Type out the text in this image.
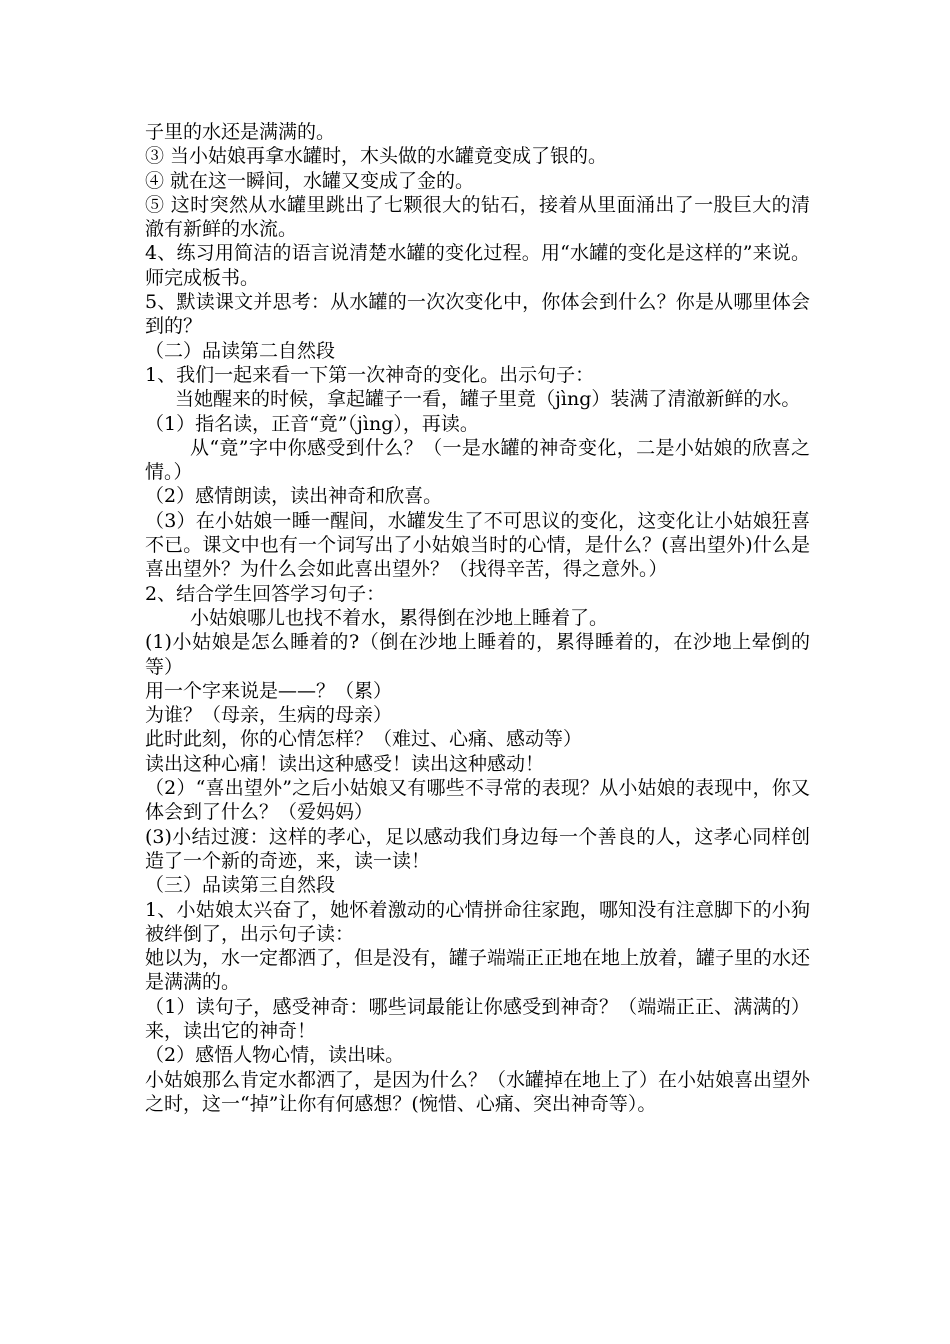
子里的水还是满满的。

③ 当小姑娘再拿水罐时，木头做的水罐竟变成了银的。

④ 就在这一瞬间，水罐又变成了金的。

⑤ 这时突然从水罐里跳出了七颗很大的钻石，接着从里面涌出了一股巨大的清澈有新鲜的水流。

4、练习用简洁的语言说清楚水罐的变化过程。用“水罐的变化是这样的”来说。师完成板书。

5、默读课文并思考：从水罐的一次次变化中，你体会到什么？你是从哪里体会到的？

（二）品读第二自然段

1、我们一起来看一下第一次神奇的变化。出示句子：

当她醒来的时候，拿起罐子一看，罐子里竟（jìng）装满了清澈新鲜的水。

（1）指名读，正音“竟”（jìng），再读。

从“竟”字中你感受到什么？（一是水罐的神奇变化，二是小姑娘的欣喜之情。）

（2）感情朗读，读出神奇和欣喜。

（3）在小姑娘一睡一醒间，水罐发生了不可思议的变化，这变化让小姑娘狂喜不已。课文中也有一个词写出了小姑娘当时的心情，是什么？(喜出望外)什么是喜出望外？为什么会如此喜出望外？（找得辛苦，得之意外。）

2、结合学生回答学习句子：

小姑娘哪儿也找不着水，累得倒在沙地上睡着了。

(1)小姑娘是怎么睡着的?（倒在沙地上睡着的，累得睡着的，在沙地上晕倒的等）

用一个字来说是——？（累）

为谁？（母亲，生病的母亲）

此时此刻，你的心情怎样？（难过、心痛、感动等）

读出这种心痛！读出这种感受！读出这种感动！

（2）“喜出望外”之后小姑娘又有哪些不寻常的表现？从小姑娘的表现中，你又体会到了什么？（爱妈妈）

(3)小结过渡：这样的孝心，足以感动我们身边每一个善良的人，这孝心同样创造了一个新的奇迹，来，读一读！

（三）品读第三自然段

1、小姑娘太兴奋了，她怀着激动的心情拼命往家跑，哪知没有注意脚下的小狗被绊倒了，出示句子读：

她以为，水一定都洒了，但是没有，罐子端端正正地在地上放着，罐子里的水还是满满的。

（1）读句子，感受神奇：哪些词最能让你感受到神奇？（端端正正、满满的）来，读出它的神奇！

（2）感悟人物心情，读出味。

小姑娘那么肯定水都洒了，是因为什么？（水罐掉在地上了）在小姑娘喜出望外之时，这一“掉”让你有何感想？(惋惜、心痛、突出神奇等）。
